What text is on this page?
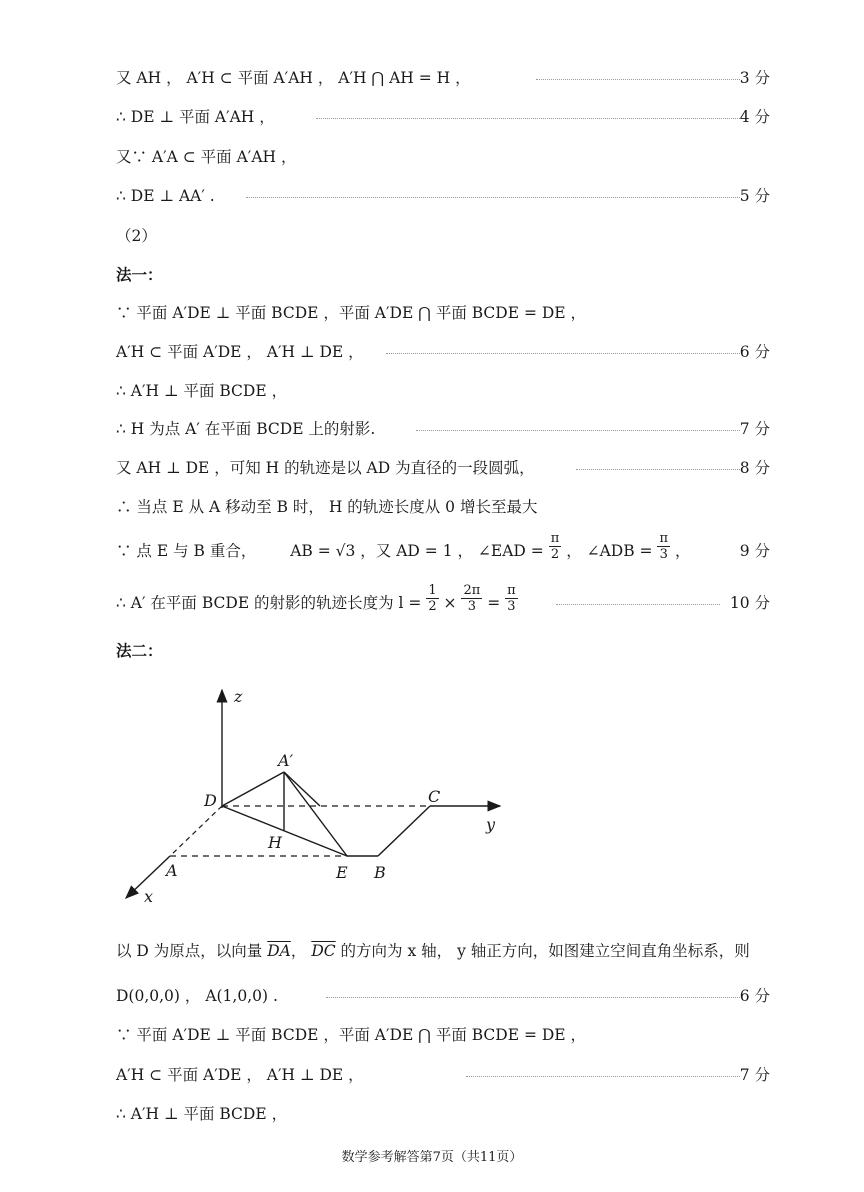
又 AH ， A′H ⊂ 平面 A′AH ， A′H ⋂ AH = H ，	3 分
∴ DE ⊥ 平面 A′AH ，	4 分
又∵ A′A ⊂ 平面 A′AH ，
∴ DE ⊥ AA′ .	5 分
（2）
法一：
∵ 平面 A′DE ⊥ 平面 BCDE ，平面 A′DE ⋂ 平面 BCDE = DE ，
A′H ⊂ 平面 A′DE ， A′H ⊥ DE ，	6 分
∴ A′H ⊥ 平面 BCDE ，
∴ H 为点 A′ 在平面 BCDE 上的射影.	7 分
又 AH ⊥ DE ，可知 H 的轨迹是以 AD 为直径的一段圆弧，	8 分
∴ 当点 E 从 A 移动至 B 时， H 的轨迹长度从 0 增长至最大
∵ 点 E 与 B 重合， AB = √3 ，又 AD = 1 ， ∠EAD = $\frac{\pi}{2}$ ， ∠ADB = $\frac{\pi}{3}$ ，	9 分
∴ A′ 在平面 BCDE 的射影的轨迹长度为 $l = \frac{1}{2} \times \frac{2\pi}{3} = \frac{\pi}{3}$	10 分
法二：
z
A′
D	C
y
H
A	E B
x
以 D 为原点，以向量 $\overline{DA}$， $\overline{DC}$ 的方向为 x 轴， y 轴正方向，如图建立空间直角坐标系，则
D(0,0,0) ， A(1,0,0) .	6 分
∵ 平面 A′DE ⊥ 平面 BCDE ，平面 A′DE ⋂ 平面 BCDE = DE ，
A′H ⊂ 平面 A′DE ， A′H ⊥ DE ，	7 分
∴ A′H ⊥ 平面 BCDE ，
数学参考解答第7页（共11页）
